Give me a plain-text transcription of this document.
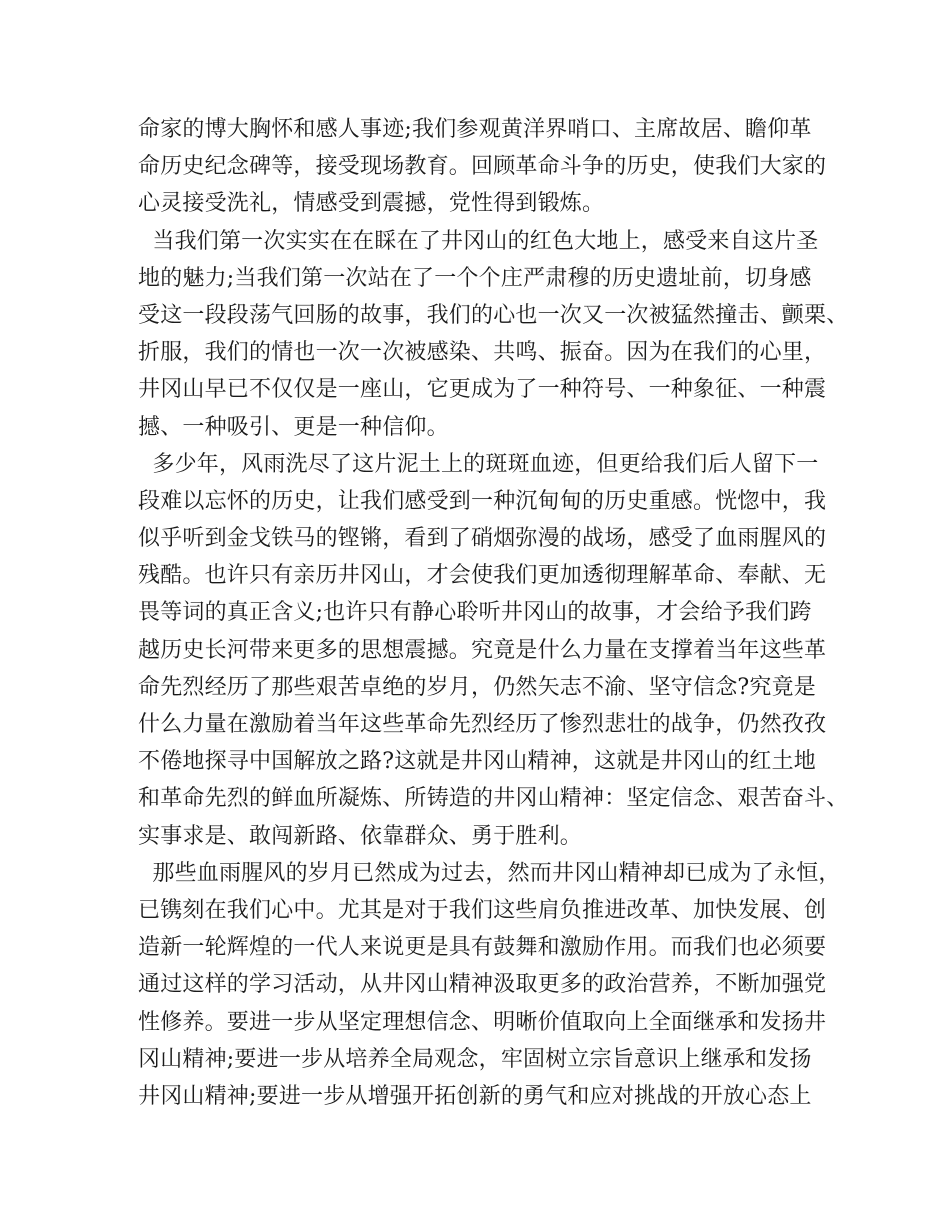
命家的博大胸怀和感人事迹;我们参观黄洋界哨口、主席故居、瞻仰革
命历史纪念碑等，接受现场教育。回顾革命斗争的历史，使我们大家的
心灵接受洗礼，情感受到震撼，党性得到锻炼。
当我们第一次实实在在睬在了井冈山的红色大地上，感受来自这片圣
地的魅力;当我们第一次站在了一个个庄严肃穆的历史遗址前，切身感
受这一段段荡气回肠的故事，我们的心也一次又一次被猛然撞击、颤栗、
折服，我们的情也一次一次被感染、共鸣、振奋。因为在我们的心里，
井冈山早已不仅仅是一座山，它更成为了一种符号、一种象征、一种震
撼、一种吸引、更是一种信仰。
多少年，风雨洗尽了这片泥土上的斑斑血迹，但更给我们后人留下一
段难以忘怀的历史，让我们感受到一种沉甸甸的历史重感。恍惚中，我
似乎听到金戈铁马的铿锵，看到了硝烟弥漫的战场，感受了血雨腥风的
残酷。也许只有亲历井冈山，才会使我们更加透彻理解革命、奉献、无
畏等词的真正含义;也许只有静心聆听井冈山的故事，才会给予我们跨
越历史长河带来更多的思想震撼。究竟是什么力量在支撑着当年这些革
命先烈经历了那些艰苦卓绝的岁月，仍然矢志不渝、坚守信念?究竟是
什么力量在激励着当年这些革命先烈经历了惨烈悲壮的战争，仍然孜孜
不倦地探寻中国解放之路?这就是井冈山精神，这就是井冈山的红土地
和革命先烈的鲜血所凝炼、所铸造的井冈山精神：坚定信念、艰苦奋斗、
实事求是、敢闯新路、依靠群众、勇于胜利。
那些血雨腥风的岁月已然成为过去，然而井冈山精神却已成为了永恒，
已镌刻在我们心中。尤其是对于我们这些肩负推进改革、加快发展、创
造新一轮辉煌的一代人来说更是具有鼓舞和激励作用。而我们也必须要
通过这样的学习活动，从井冈山精神汲取更多的政治营养，不断加强党
性修养。要进一步从坚定理想信念、明晰价值取向上全面继承和发扬井
冈山精神;要进一步从培养全局观念，牢固树立宗旨意识上继承和发扬
井冈山精神;要进一步从增强开拓创新的勇气和应对挑战的开放心态上
